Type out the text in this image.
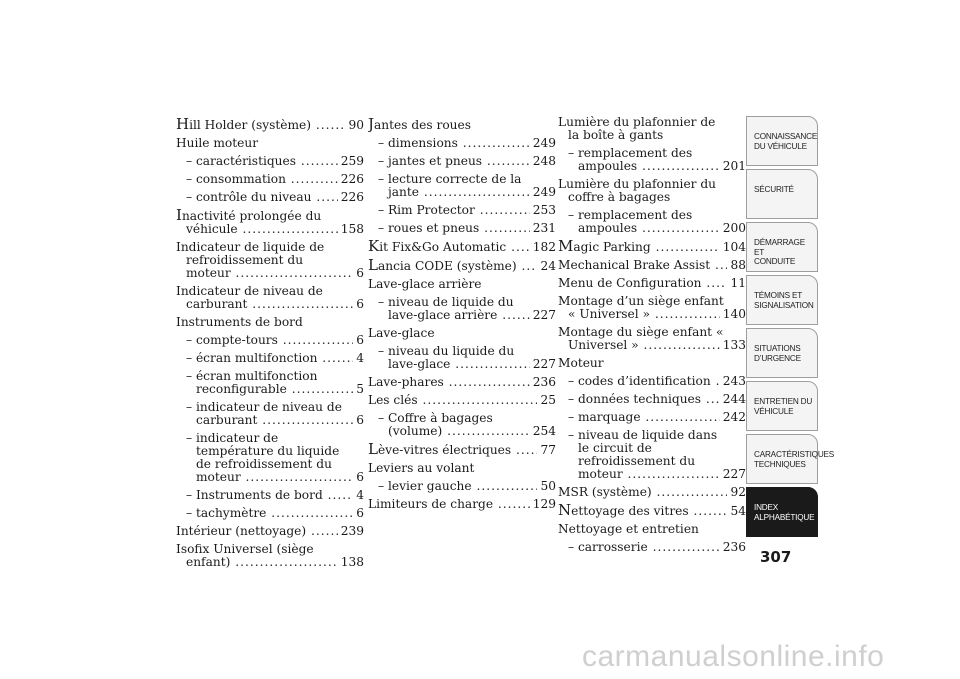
Hill Holder (système) .....	90
Huile moteur
– caractéristiques .....	259
– consommation .....	226
– contrôle du niveau .....	226
Inactivité prolongée du
véhicule .....	158
Indicateur de liquide de
refroidissement du
moteur .....	6
Indicateur de niveau de
carburant .....	6
Instruments de bord
– compte-tours .....	6
– écran multifonction .....	4
– écran multifonction
reconfigurable .....	5
– indicateur de niveau de
carburant .....	6
– indicateur de
température du liquide
de refroidissement du
moteur .....	6
– Instruments de bord .....	4
– tachymètre .....	6
Intérieur (nettoyage) .....	239
Isofix Universel (siège
enfant) .....	138
Jantes des roues
– dimensions .....	249
– jantes et pneus .....	248
– lecture correcte de la
jante .....	249
– Rim Protector .....	253
– roues et pneus .....	231
Kit Fix&Go Automatic .....	182
Lancia CODE (système) .....	24
Lave-glace arrière
– niveau de liquide du
lave-glace arrière .....	227
Lave-glace
– niveau du liquide du
lave-glace .....	227
Lave-phares .....	236
Les clés .....	25
– Coffre à bagages
(volume) .....	254
Lève-vitres électriques .....	77
Leviers au volant
– levier gauche .....	50
Limiteurs de charge .....	129
Lumière du plafonnier de
la boîte à gants
– remplacement des
ampoules .....	201
Lumière du plafonnier du
coffre à bagages
– remplacement des
ampoules .....	200
Magic Parking .....	104
Mechanical Brake Assist .....	88
Menu de Configuration .....	11
Montage d’un siège enfant
« Universel » .....	140
Montage du siège enfant «
Universel » .....	133
Moteur
– codes d’identification ..... 243
– données techniques .....	244
– marquage .....	242
– niveau de liquide dans
le circuit de
refroidissement du
moteur .....	227
MSR (système) .....	92
Nettoyage des vitres .....	54
Nettoyage et entretien
– carrosserie .....	236
CONNAISSANCE
DU VÉHICULE
SÉCURITÉ
DÉMARRAGE ET
CONDUITE
TÉMOINS ET
SIGNALISATION
SITUATIONS
D’URGENCE
ENTRETIEN DU
VÉHICULE
CARACTÉRISTIQUES
TECHNIQUES
INDEX
ALPHABÉTIQUE
307
carmanualsonline.info
